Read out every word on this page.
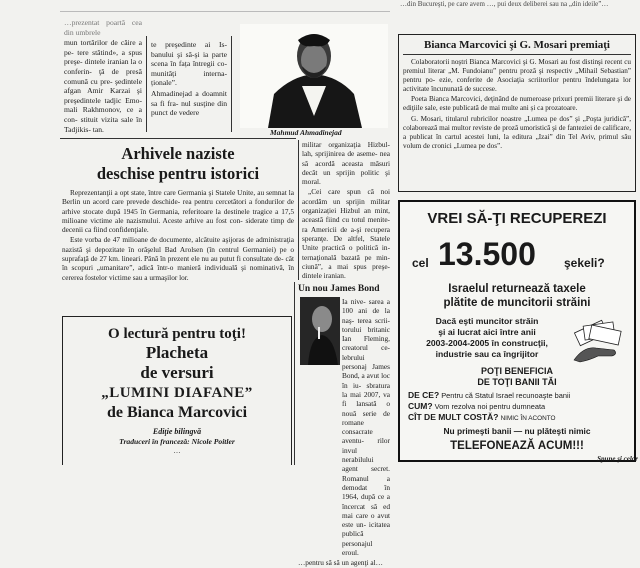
…din Bucureşti, pe care avem …, pui deux deliberei sau na „din ideile”…

…prezentat poartă cea din umbrele

mun tortărilor de căire a pe- tere stătind», a spus preşe- dintele iranian la o conferin- ţă de presă comună cu pre- şedintele afgan Amir Karzai şi preşedintele tadjic Emo- mali Rakhmonov, ce a con- stituit vizita sale în Tadjikis- tan.

te preşedinte ai Is- banului şi să-şi ia parte scena în fața întregii co- munități interna- ționale”.

Ahmadinejad a doamnit sa fi fra- nul susţine din punct de vedere

Mahmud Ahmadinejad
Arhivele naziste
deschise pentru istorici

Reprezentanţii a opt state, între care Germania şi Statele Unite, au semnat la Berlin un acord care prevede deschide- rea pentru cercetători a fondurilor de arhive stocate după 1945 în Germania, referitoare la destinele tragice a 17,5 milioane victime ale nazismului. Aceste arhive au fost con- siderate timp de decenii ca fiind confidenţiale.

Este vorba de 47 milioane de documente, alcătuite aşijoras de administraţia nazistă şi depozitate în orăşelul Bad Arolsen (în centrul Germaniei) pe o suprafaţă de 27 km. lineari. Până în prezent ele nu au putut fi consultate de- cât în scopuri „umanitare”, adică într-o manieră individuală şi nominativă, în cererea fostelor victime sau a urmaşilor lor.

militar organizaţia Hizbul- lah, sprijinirea de aseme- nea să acordă aceasta măsuri decât un sprijin politic şi moral.

„Cei care spun că noi acordăm un sprijin militar organizației Hizbul an mint, această fiind cu totul menite- ra Americii de a-şi recupera speranţe. De altfel, Statele Unite practică o politică in- ternaţională bazată pe min- ciună”, a mai spus preşe- dintele iranian.

Bianca Marcovici şi G. Mosari premiaţi

Colaboratorii noştri Bianca Marcovici şi G. Mosari au fost distinşi recent cu premiul literar „M. Fundoianu” pentru proză şi respectiv „Mihail Sebastian” pentru po- ezie, conferite de Asociaţia scriitorilor pentru îndelungata lor activitate încununată de succese.

Poeta Bianca Marcovici, deţinând de numeroase prixuri premii literare şi de ediţiile sale, este publicată de mai multe ani și ca prozatoare.

G. Mosari, titularul rubricilor noastre „Lumea pe dos” şi „Poşta juridică”, colaborează mai multor reviste de proză umoristică şi de fanteziei de calificare, a publicat în cartul acestei luni, la editura „Izai” din Tel Aviv, primul său volum de cronici „Lumea pe dos”.

VREI SĂ-ŢI RECUPEREZI
cel 13.500 şekeli?
Israelul returnează taxele
plătite de muncitorii străini
Dacă eşti muncitor străin
şi ai lucrat aici între anii
2003-2004-2005 în construcţii,
industrie sau ca îngrijitor
POŢI BENEFICIA
DE TOŢI BANII TĂI
DE CE? Pentru că Statul Israel recunoaşte banii
CUM? Vom rezolva noi pentru dumneata
CÎT DE MULT COSTĂ? NIMIC ÎN ACONTO
Nu primeşti banii — nu plăteşti nimic
TELEFONEAZĂ ACUM!!!
O lectură pentru toţi!
Placheta
de versuri
„LUMINI DIAFANE”
de Bianca Marcovici
Ediţie bilingvă
Traduceri în franceză: Nicole Poitler
…
Un nou James Bond

Ia nive- sarea a 100 ani de la naş- terea scrii- torului britanic Ian Fleming, creatorul ce- lebrului personaj James Bond, a avut loc în iu- sbratura la mai 2007, va fi lansată o nouă serie de romane consacrate aventu- rilor invul nerabilului agent secret. Romanul a demodat în 1964, după ce a încercat să ed mai care o avut este un- icitatea publică personajul eroul.

…pentru să să un agenţi al…

Spune şi celor
